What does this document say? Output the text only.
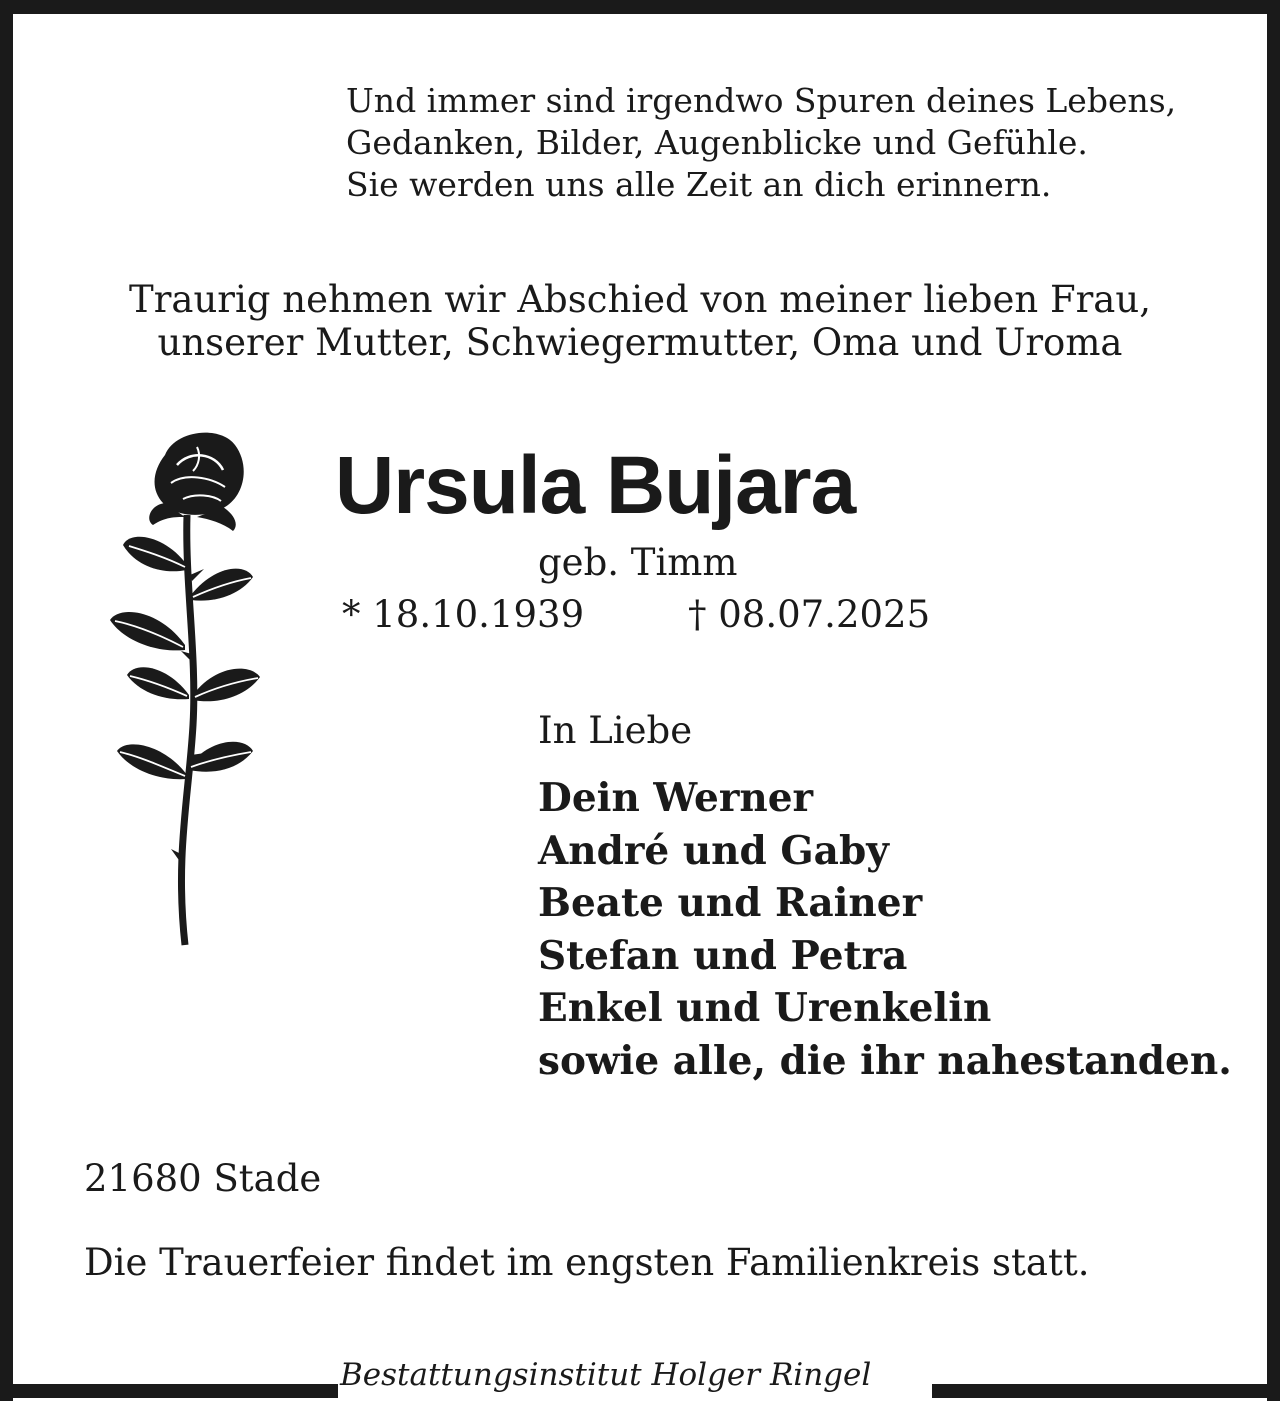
Und immer sind irgendwo Spuren deines Lebens,
Gedanken, Bilder, Augenblicke und Gefühle.
Sie werden uns alle Zeit an dich erinnern.
Traurig nehmen wir Abschied von meiner lieben Frau,
unserer Mutter, Schwiegermutter, Oma und Uroma
Ursula Bujara
geb. Timm
* 18.10.1939	† 08.07.2025
In Liebe
Dein Werner
André und Gaby
Beate und Rainer
Stefan und Petra
Enkel und Urenkelin
sowie alle, die ihr nahestanden.
21680 Stade
Die Trauerfeier findet im engsten Familienkreis statt.
Bestattungsinstitut Holger Ringel
